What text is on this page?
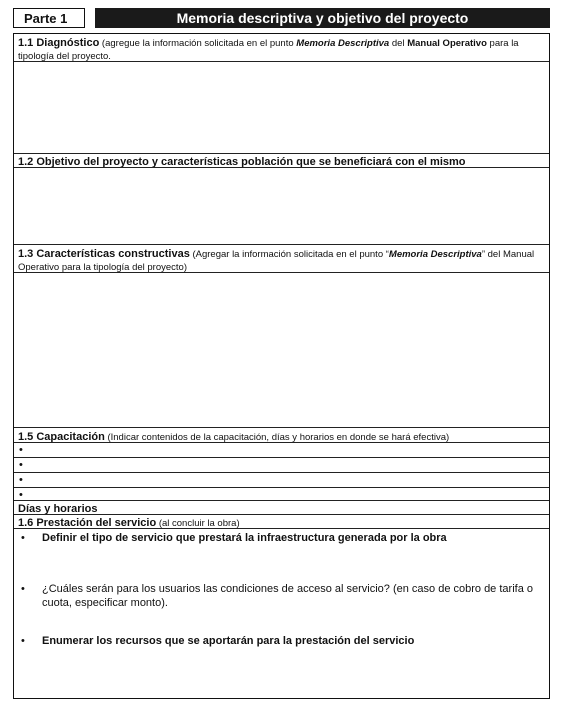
Parte 1	Memoria descriptiva y objetivo del proyecto
1.1 Diagnóstico (agregue la información solicitada en el punto Memoria Descriptiva del Manual Operativo para la tipología del proyecto.
1.2 Objetivo del proyecto y características población que se beneficiará con el mismo
1.3 Características constructivas (Agregar la información solicitada en el punto “Memoria Descriptiva” del Manual Operativo para la tipología del proyecto)
1.5 Capacitación (Indicar contenidos de la capacitación, días y horarios en donde se hará efectiva)
•
•
•
•
Días y horarios
1.6 Prestación del servicio (al concluir la obra)
•	Definir el tipo de servicio que prestará la infraestructura generada por la obra
•	¿Cuáles serán para los usuarios las condiciones de acceso al servicio? (en caso de cobro de tarifa o cuota, especificar monto).
•	Enumerar los recursos que se aportarán para la prestación del servicio
